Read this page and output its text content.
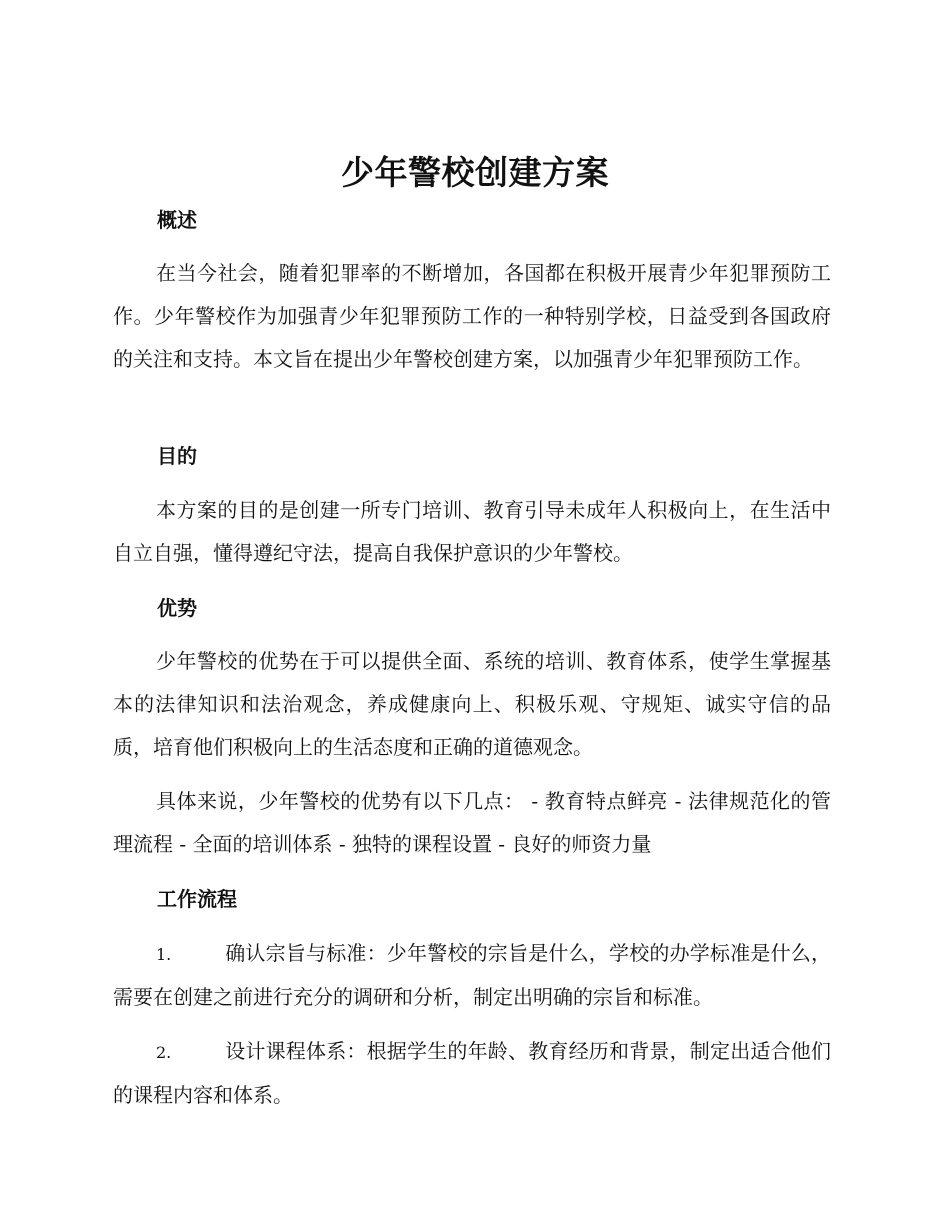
少年警校创建方案
概述

在当今社会，随着犯罪率的不断增加，各国都在积极开展青少年犯罪预防工作。少年警校作为加强青少年犯罪预防工作的一种特别学校，日益受到各国政府的关注和支持。本文旨在提出少年警校创建方案，以加强青少年犯罪预防工作。

目的

本方案的目的是创建一所专门培训、教育引导未成年人积极向上，在生活中自立自强，懂得遵纪守法，提高自我保护意识的少年警校。

优势

少年警校的优势在于可以提供全面、系统的培训、教育体系，使学生掌握基本的法律知识和法治观念，养成健康向上、积极乐观、守规矩、诚实守信的品质，培育他们积极向上的生活态度和正确的道德观念。

具体来说，少年警校的优势有以下几点： - 教育特点鲜亮 - 法律规范化的管理流程 - 全面的培训体系 - 独特的课程设置 - 良好的师资力量

工作流程

1.	确认宗旨与标准：少年警校的宗旨是什么，学校的办学标准是什么，需要在创建之前进行充分的调研和分析，制定出明确的宗旨和标准。

2.	设计课程体系：根据学生的年龄、教育经历和背景，制定出适合他们的课程内容和体系。
